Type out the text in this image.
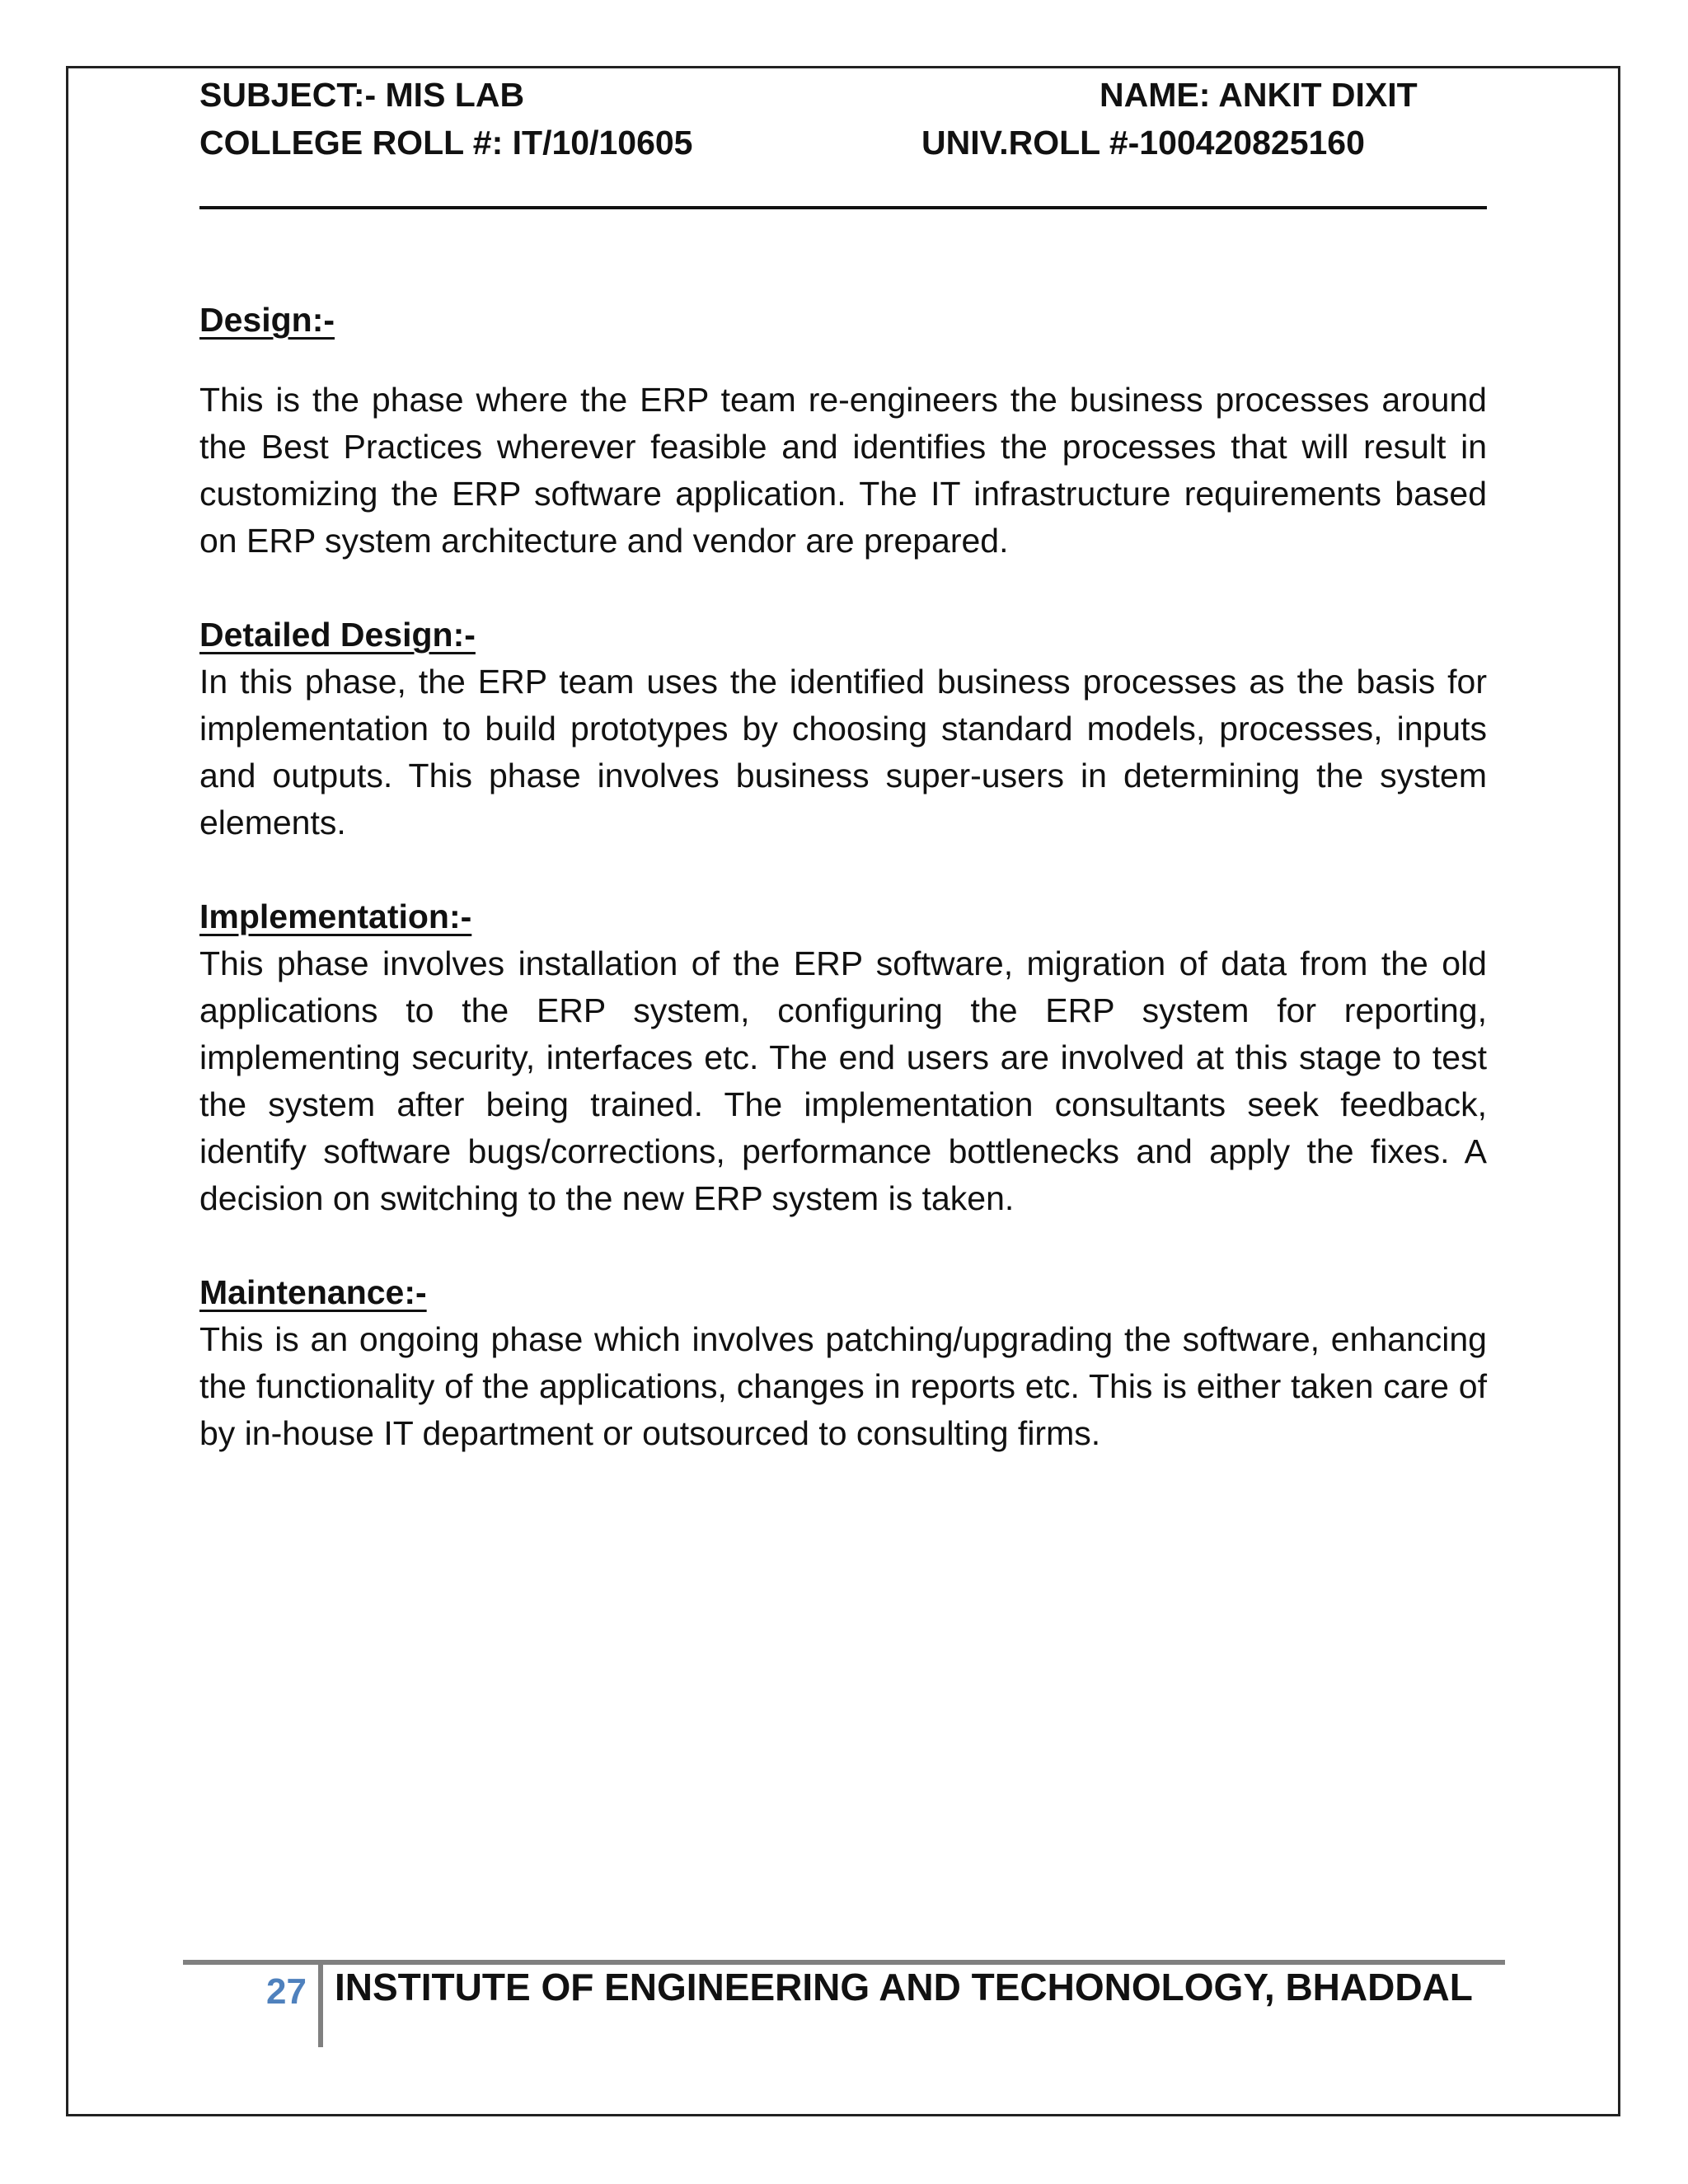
SUBJECT:- MIS LAB	NAME: ANKIT DIXIT
COLLEGE ROLL #: IT/10/10605	UNIV.ROLL #-100420825160

Design:-

This is the phase where the ERP team re-engineers the business processes around the Best Practices wherever feasible and identifies the processes that will result in customizing the ERP software application. The IT infrastructure requirements based on ERP system architecture and vendor are prepared.

Detailed Design:-

In this phase, the ERP team uses the identified business processes as the basis for implementation to build prototypes by choosing standard models, processes, inputs and outputs. This phase involves business super-users in determining the system elements.

Implementation:-

This phase involves installation of the ERP software, migration of data from the old applications to the ERP system, configuring the ERP system for reporting, implementing security, interfaces etc. The end users are involved at this stage to test the system after being trained. The implementation consultants seek feedback, identify software bugs/corrections, performance bottlenecks and apply the fixes. A decision on switching to the new ERP system is taken.

Maintenance:-

This is an ongoing phase which involves patching/upgrading the software, enhancing the functionality of the applications, changes in reports etc. This is either taken care of by in-house IT department or outsourced to consulting firms.

27 INSTITUTE OF ENGINEERING AND TECHONOLOGY, BHADDAL
